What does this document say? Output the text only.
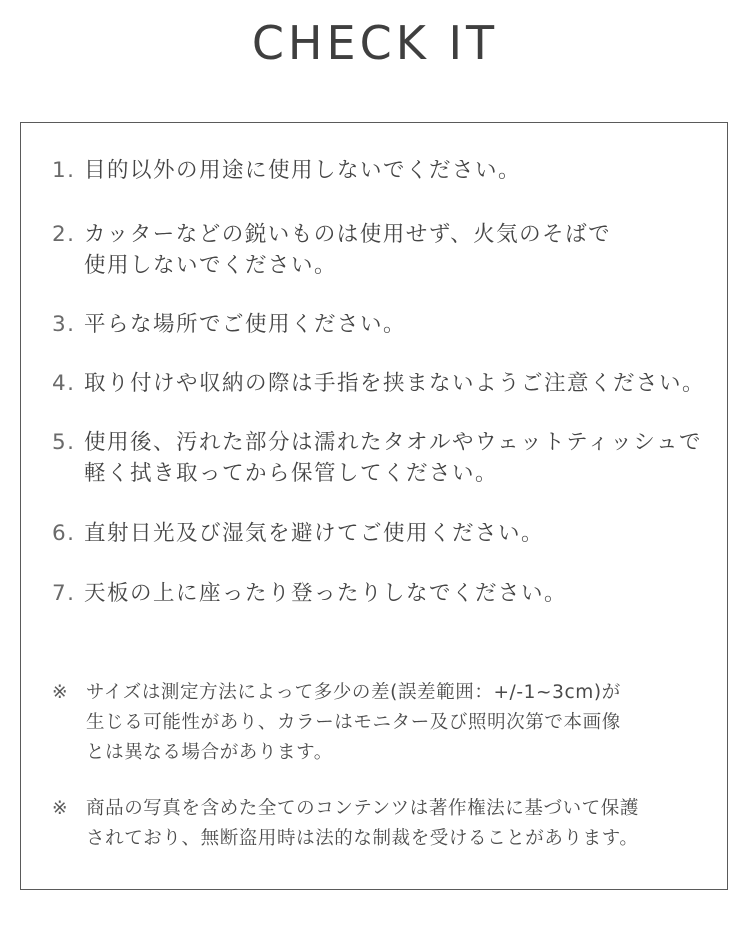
CHECK IT
1. 目的以外の用途に使用しないでください。
2. カッターなどの鋭いものは使用せず、火気のそばで
使用しないでください。
3. 平らな場所でご使用ください。
4. 取り付けや収納の際は手指を挟まないようご注意ください。
5. 使用後、汚れた部分は濡れたタオルやウェットティッシュで
軽く拭き取ってから保管してください。
6. 直射日光及び湿気を避けてご使用ください。
7. 天板の上に座ったり登ったりしなでください。
※ サイズは測定方法によって多少の差(誤差範囲：+/-1~3cm)が
生じる可能性があり、カラーはモニター及び照明次第で本画像
とは異なる場合があります。
※ 商品の写真を含めた全てのコンテンツは著作権法に基づいて保護
されており、無断盗用時は法的な制裁を受けることがあります。
